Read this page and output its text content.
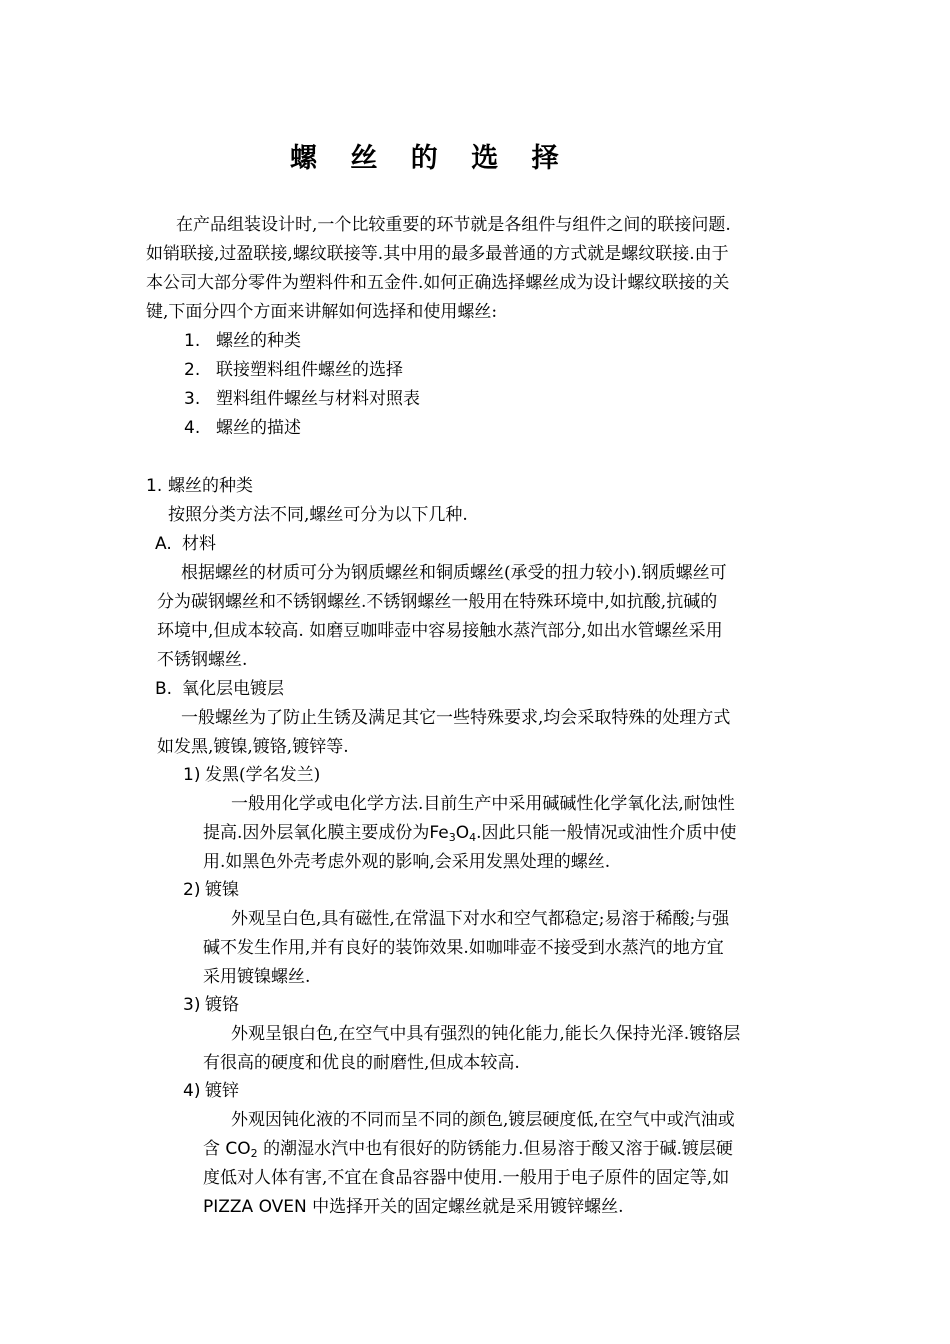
螺 丝 的 选 择
在产品组装设计时,一个比较重要的环节就是各组件与组件之间的联接问题.
如销联接,过盈联接,螺纹联接等.其中用的最多最普通的方式就是螺纹联接.由于
本公司大部分零件为塑料件和五金件.如何正确选择螺丝成为设计螺纹联接的关
键,下面分四个方面来讲解如何选择和使用螺丝:
1. 螺丝的种类
2. 联接塑料组件螺丝的选择
3. 塑料组件螺丝与材料对照表
4. 螺丝的描述
1. 螺丝的种类
按照分类方法不同,螺丝可分为以下几种.
A. 材料
根据螺丝的材质可分为钢质螺丝和铜质螺丝(承受的扭力较小).钢质螺丝可
分为碳钢螺丝和不锈钢螺丝.不锈钢螺丝一般用在特殊环境中,如抗酸,抗碱的
环境中,但成本较高. 如磨豆咖啡壶中容易接触水蒸汽部分,如出水管螺丝采用
不锈钢螺丝.
B. 氧化层电镀层
一般螺丝为了防止生锈及满足其它一些特殊要求,均会采取特殊的处理方式
如发黑,镀镍,镀铬,镀锌等.
1) 发黑(学名发兰)
一般用化学或电化学方法.目前生产中采用碱碱性化学氧化法,耐蚀性
提高.因外层氧化膜主要成份为$Fe_3O_4$.因此只能一般情况或油性介质中使
用.如黑色外壳考虑外观的影响,会采用发黑处理的螺丝.
2) 镀镍
外观呈白色,具有磁性,在常温下对水和空气都稳定;易溶于稀酸;与强
碱不发生作用,并有良好的装饰效果.如咖啡壶不接受到水蒸汽的地方宜
采用镀镍螺丝.
3) 镀铬
外观呈银白色,在空气中具有强烈的钝化能力,能长久保持光泽.镀铬层
有很高的硬度和优良的耐磨性,但成本较高.
4) 镀锌
外观因钝化液的不同而呈不同的颜色,镀层硬度低,在空气中或汽油或
含 $CO_2$ 的潮湿水汽中也有很好的防锈能力.但易溶于酸又溶于碱.镀层硬
度低对人体有害,不宜在食品容器中使用.一般用于电子原件的固定等,如
PIZZA OVEN 中选择开关的固定螺丝就是采用镀锌螺丝.
